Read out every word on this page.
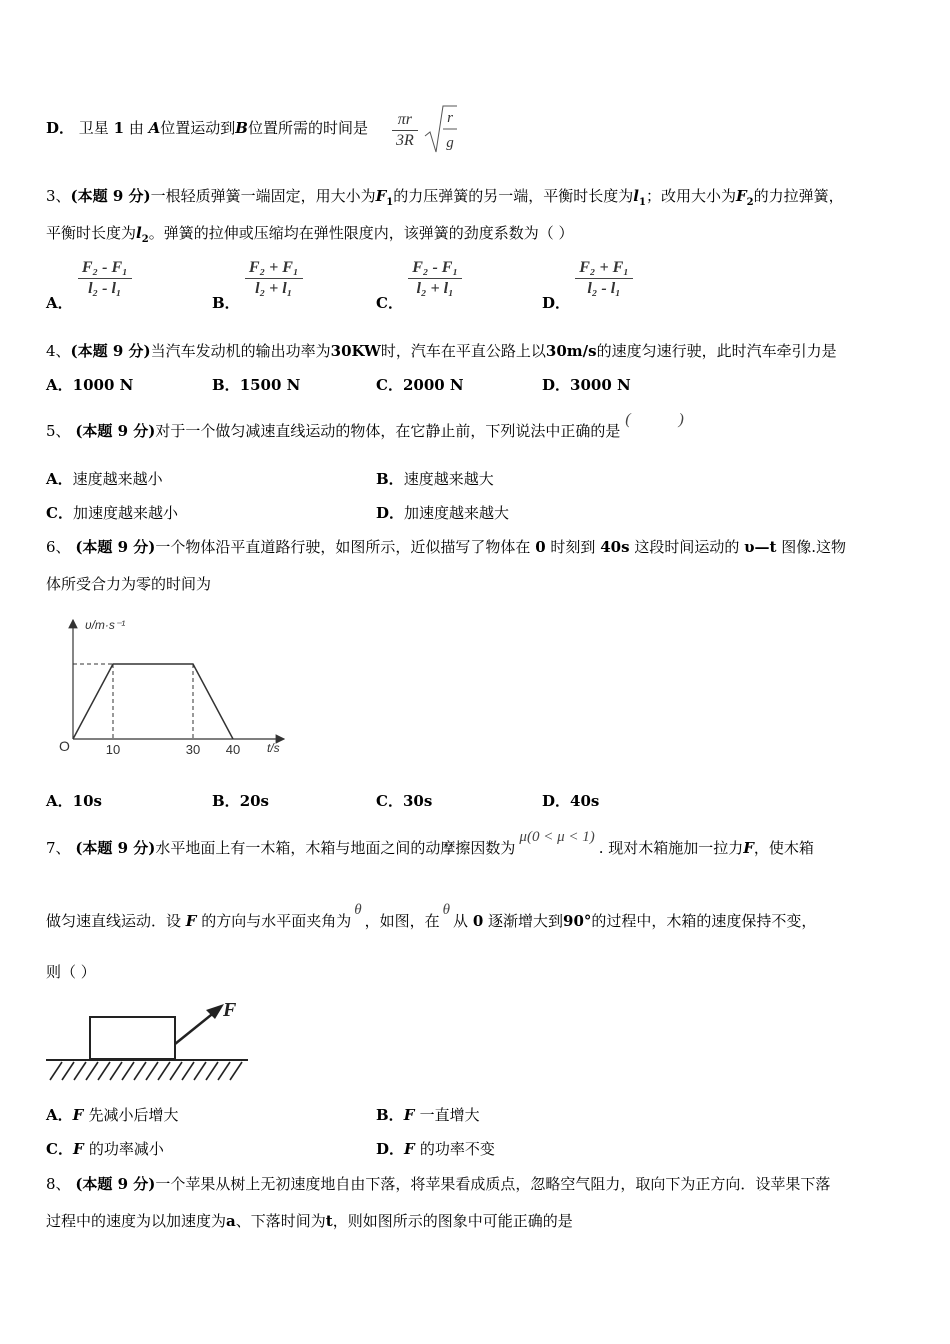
D． 卫星 1 由 A位置运动到B位置所需的时间是 $\frac{\pi r}{3R}$
r
g
3、(本题 9 分)一根轻质弹簧一端固定，用大小为$F_1$的力压弹簧的另一端，平衡时长度为$l_1$；改用大小为$F_2$的力拉弹簧，
平衡时长度为$l_2$。弹簧的拉伸或压缩均在弹性限度内，该弹簧的劲度系数为（ ）
A．
$\frac{\text{F₂ - F₁}}{\text{l₂ - l₁}}$
B．
$\frac{\text{F₂ + F₁}}{\text{l₂ + l₁}}$
C．
$\frac{\text{F₂ - F₁}}{\text{l₂ + l₁}}$
D．
$\frac{\text{F₂ + F₁}}{\text{l₂ - l₁}}$
4、(本题 9 分)当汽车发动机的输出功率为30KW时，汽车在平直公路上以30m/s的速度匀速行驶，此时汽车牵引力是
A．1000 N	B．1500 N	C．2000 N	D．3000 N
5、 (本题 9 分)对于一个做匀减速直线运动的物体，在它静止前，下列说法中正确的是 (	)
A．速度越来越小	B．速度越来越大
C．加速度越来越小	D．加速度越来越大
6、 (本题 9 分)一个物体沿平直道路行驶，如图所示，近似描写了物体在 0 时刻到 40s 这段时间运动的 υ—t 图像.这物
体所受合力为零的时间为
υ/m·s⁻¹
t/s
O	10	30 40
A．10s	B．20s	C．30s	D．40s
7、 (本题 9 分)水平地面上有一木箱，木箱与地面之间的动摩擦因数为μ(0 < μ < 1). 现对木箱施加一拉力F，使木箱
做匀速直线运动．设 F 的方向与水平面夹角为θ，如图，在θ从 0 逐渐增大到90°的过程中，木箱的速度保持不变，
则（ ）
F
A．F 先减小后增大	B．F 一直增大
C．F 的功率减小	D．F 的功率不变
8、 (本题 9 分)一个苹果从树上无初速度地自由下落，将苹果看成质点，忽略空气阻力，取向下为正方向．设苹果下落
过程中的速度为以加速度为a、下落时间为t，则如图所示的图象中可能正确的是
